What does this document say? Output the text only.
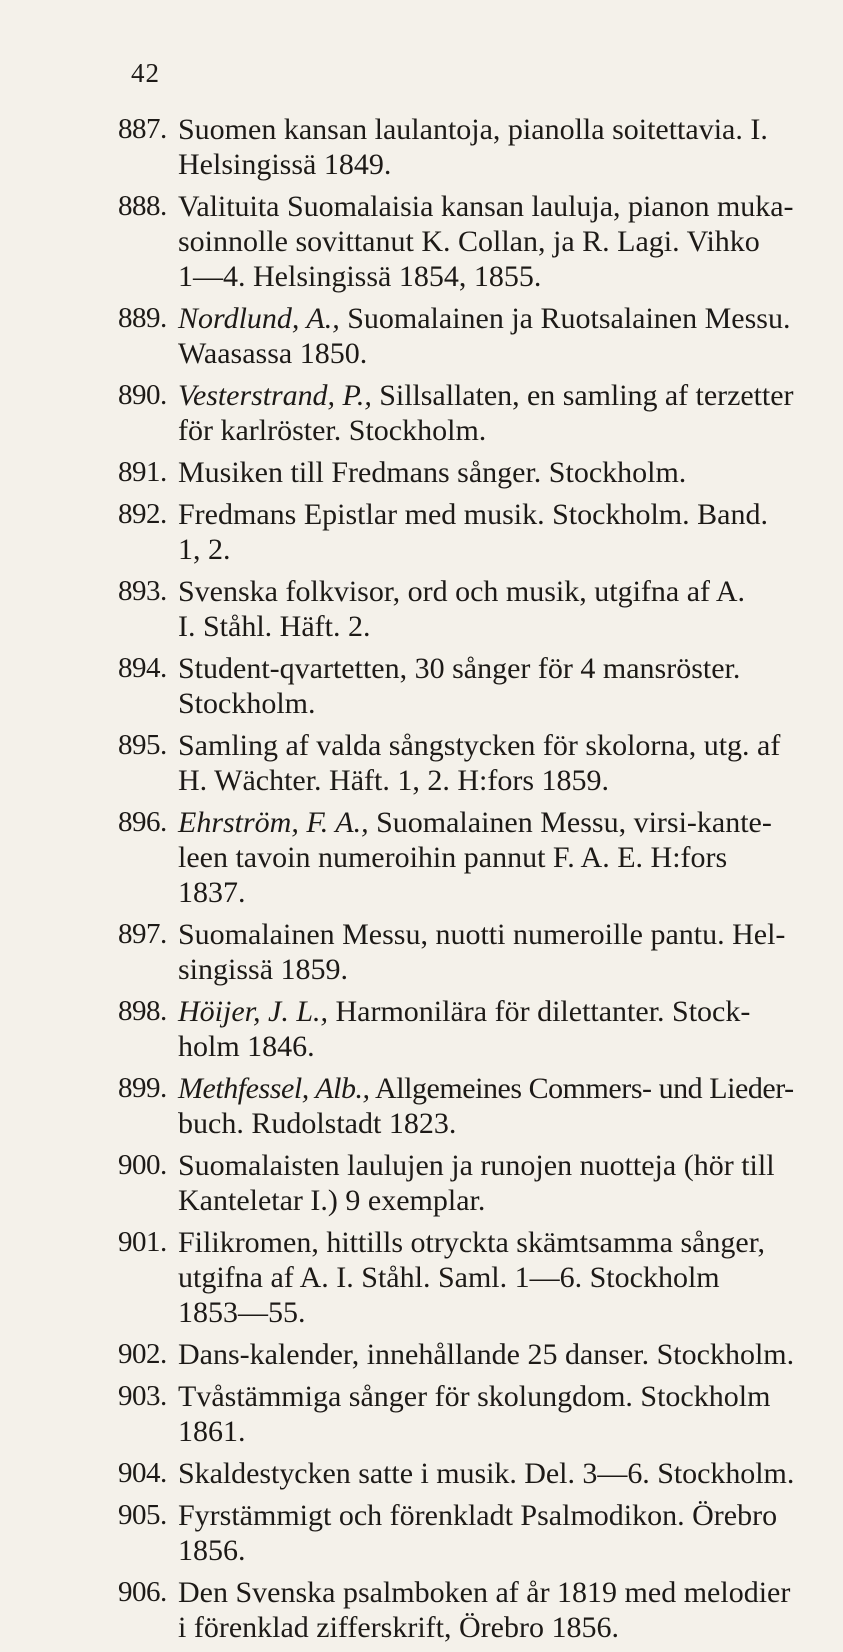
42
887. Suomen kansan laulantoja, pianolla soitettavia. I.
Helsingissä 1849.
888. Valituita Suomalaisia kansan lauluja, pianon muka-
soinnolle sovittanut K. Collan, ja R. Lagi. Vihko
1—4. Helsingissä 1854, 1855.
889. Nordlund, A., Suomalainen ja Ruotsalainen Messu.
Waasassa 1850.
890. Vesterstrand, P., Sillsallaten, en samling af terzetter
för karlröster. Stockholm.
891. Musiken till Fredmans sånger. Stockholm.
892. Fredmans Epistlar med musik. Stockholm. Band.
1, 2.
893. Svenska folkvisor, ord och musik, utgifna af A.
I. Ståhl. Häft. 2.
894. Student-qvartetten, 30 sånger för 4 mansröster.
Stockholm.
895. Samling af valda sångstycken för skolorna, utg. af
H. Wächter. Häft. 1, 2. H:fors 1859.
896. Ehrström, F. A., Suomalainen Messu, virsi-kante-
leen tavoin numeroihin pannut F. A. E. H:fors
1837.
897. Suomalainen Messu, nuotti numeroille pantu. Hel-
singissä 1859.
898. Höijer, J. L., Harmonilära för dilettanter. Stock-
holm 1846.
899. Methfessel, Alb., Allgemeines Commers- und Lieder-
buch. Rudolstadt 1823.
900. Suomalaisten laulujen ja runojen nuotteja (hör till
Kanteletar I.) 9 exemplar.
901. Filikromen, hittills otryckta skämtsamma sånger,
utgifna af A. I. Ståhl. Saml. 1—6. Stockholm
1853—55.
902. Dans-kalender, innehållande 25 danser. Stockholm.
903. Tvåstämmiga sånger för skolungdom. Stockholm
1861.
904. Skaldestycken satte i musik. Del. 3—6. Stockholm.
905. Fyrstämmigt och förenkladt Psalmodikon. Örebro
1856.
906. Den Svenska psalmboken af år 1819 med melodier
i förenklad zifferskrift, Örebro 1856.
